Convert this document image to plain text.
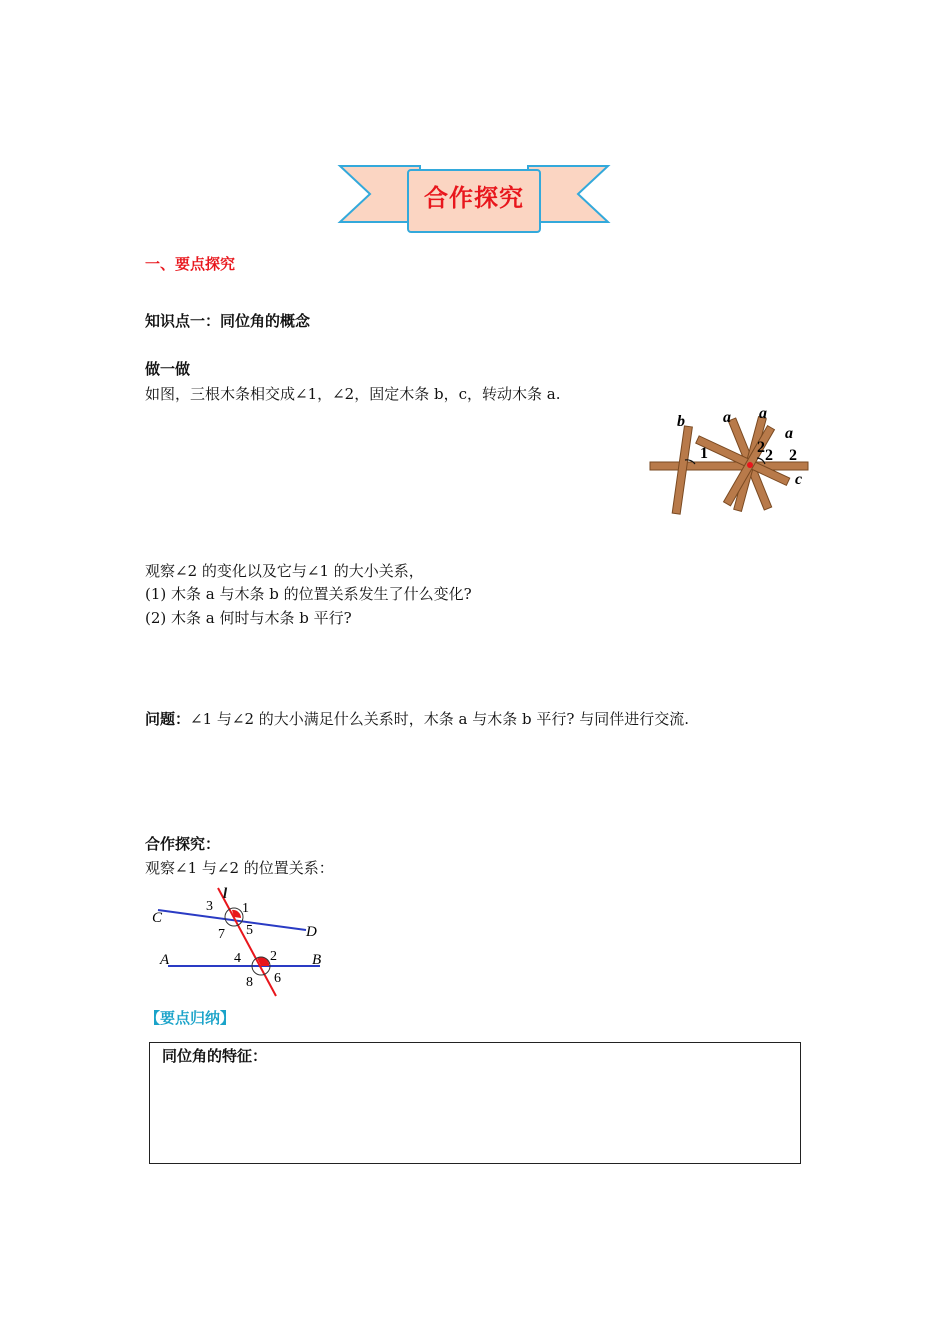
合作探究
一、要点探究
知识点一：同位角的概念
做一做
如图，三根木条相交成∠1，∠2，固定木条 b，c，转动木条 a.
b a a
a
c
1	2 2 2
观察∠2 的变化以及它与∠1 的大小关系，
(1) 木条 a 与木条 b 的位置关系发生了什么变化?
(2) 木条 a 何时与木条 b 平行?
问题：∠1 与∠2 的大小满足什么关系时，木条 a 与木条 b 平行? 与同伴进行交流.
合作探究：
观察∠1 与∠2 的位置关系：
l
C
D
A	B
3 1
7 5
4 2
8 6
【要点归纳】
同位角的特征：
